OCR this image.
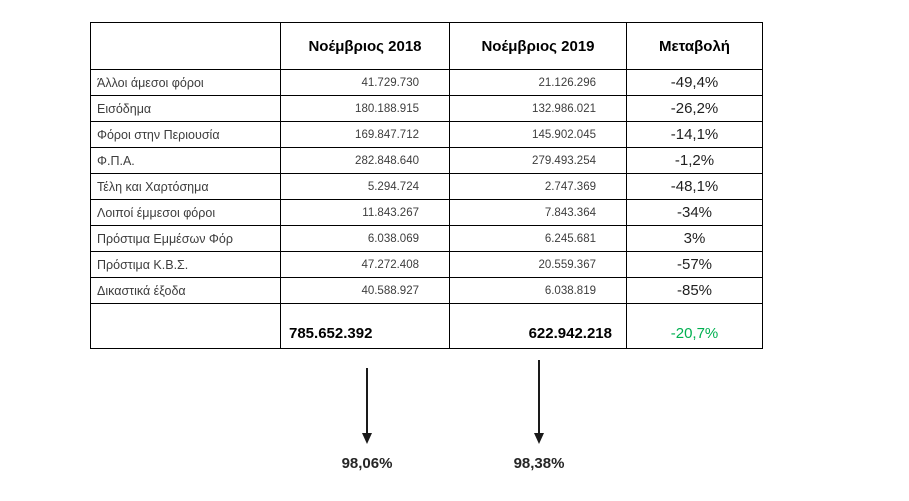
	Νοέμβριος 2018	Νοέμβριος 2019	Μεταβολή
Άλλοι άμεσοι φόροι	41.729.730	21.126.296	-49,4%
Εισόδημα	180.188.915	132.986.021	-26,2%
Φόροι στην Περιουσία	169.847.712	145.902.045	-14,1%
Φ.Π.Α.	282.848.640	279.493.254	-1,2%
Τέλη και Χαρτόσημα	5.294.724	2.747.369	-48,1%
Λοιποί έμμεσοι φόροι	11.843.267	7.843.364	-34%
Πρόστιμα Εμμέσων Φόρ	6.038.069	6.245.681	3%
Πρόστιμα Κ.Β.Σ.	47.272.408	20.559.367	-57%
Δικαστικά έξοδα	40.588.927	6.038.819	-85%
	785.652.392	622.942.218	-20,7%
98,06%	98,38%
